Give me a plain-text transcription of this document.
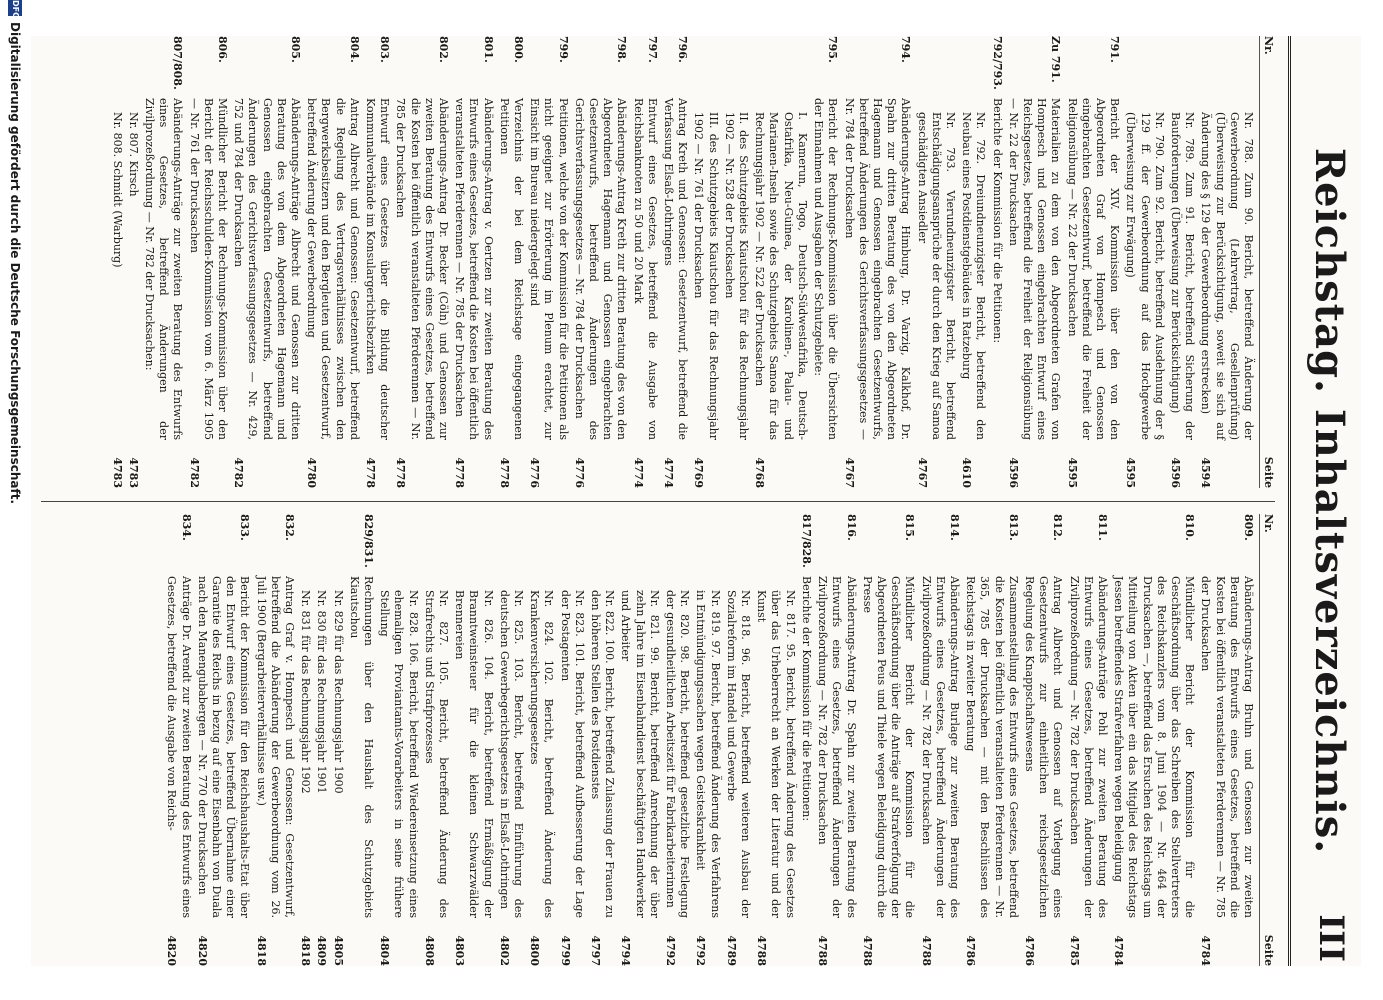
Reichstag. Inhaltsverzeichnis.
III
Nr.
Seite
Nr. 788. Zum 90. Bericht, betreffend Änderung der Gewerbeordnung (Lehrvertrag, Gesellenprüfung) (Überweisung zur Berücksichtigung, soweit sie sich auf Änderung des § 129 der Gewerbeordnung erstrecken)
4594
Nr. 789. Zum 91. Bericht, betreffend Sicherung der Bauforderungen (Überweisung zur Berücksichtigung)
4596
Nr. 790. Zum 92. Bericht, betreffend Ausdehnung der § 129 ff. der Gewerbeordnung auf das Hochgewerbe (Überweisung zur Erwägung)
4595
791.
Bericht der XIV. Kommission über den von den Abgeordneten Graf von Hompesch und Genossen eingebrachten Gesetzentwurf, betreffend die Freiheit der Religionsübung — Nr. 22 der Drucksachen
4595
Zu 791.
Materialien zu dem von den Abgeordneten Grafen von Hompesch und Genossen eingebrachten Entwurf eines Reichsgesetzes, betreffend die Freiheit der Religionsübung — Nr. 22 der Drucksachen
4596
792/793.
Berichte der Kommission für die Petitionen:
Nr. 792. Dreiundneunzigster Bericht, betreffend den Neubau eines Postdienstgebäudes in Ratzeburg
4610
Nr. 793. Vierundneunzigster Bericht, betreffend Entschädigungsansprüche der durch den Krieg auf Samoa geschädigten Ansiedler
4767
794.
Abänderungs-Antrag Himburg, Dr. Varzig, Kalkhof, Dr. Spahn zur dritten Beratung des von den Abgeordneten Hagemann und Genossen eingebrachten Gesetzentwurfs, betreffend Änderungen des Gerichtsverfassungsgesetzes — Nr. 784 der Drucksachen
4767
795.
Bericht der Rechnungs-Kommission über die Übersichten der Einnahmen und Ausgaben der Schutzgebiete:
I. Kamerun, Togo, Deutsch-Südwestafrika, Deutsch-Ostafrika, Neu-Guinea, der Karolinen-, Palau- und Marianen-Inseln sowie des Schutzgebiets Samoa für das Rechnungsjahr 1902 — Nr. 522 der Drucksachen
4768
II. des Schutzgebiets Kiautschou für das Rechnungsjahr 1902 — Nr. 528 der Drucksachen
III. des Schutzgebiets Kiautschou für das Rechnungsjahr 1902 — Nr. 761 der Drucksachen
4769
796.
Antrag Kreth und Genossen: Gesetzentwurf, betreffend die Verfassung Elsaß-Lothringens
4774
797.
Entwurf eines Gesetzes, betreffend die Ausgabe von Reichsbanknoten zu 50 und 20 Mark
4774
798.
Abänderungs-Antrag Kreth zur dritten Beratung des von den Abgeordneten Hagemann und Genossen eingebrachten Gesetzentwurfs, betreffend Änderungen des Gerichtsverfassungsgesetzes — Nr. 784 der Drucksachen
4776
799.
Petitionen, welche von der Kommission für die Petitionen als nicht geeignet zur Erörterung im Plenum erachtet, zur Einsicht im Bureau niedergelegt sind
4776
800.
Verzeichnis der bei dem Reichstage eingegangenen Petitionen
4778
801.
Abänderungs-Antrag v. Oertzen zur zweiten Beratung des Entwurfs eines Gesetzes, betreffend die Kosten bei öffentlich veranstalteten Pferderennen — Nr. 785 der Drucksachen
4778
802.
Abänderungs-Antrag Dr. Becker (Cöln) und Genossen zur zweiten Beratung des Entwurfs eines Gesetzes, betreffend die Kosten bei öffentlich veranstalteten Pferderennen — Nr. 785 der Drucksachen
4778
803.
Entwurf eines Gesetzes über die Bildung deutscher Kommunalverbände im Konsulargerichtsbezirken
4778
804.
Antrag Albrecht und Genossen: Gesetzentwurf, betreffend die Regelung des Vertragsverhältnisses zwischen den Bergwerksbesitzern und den Bergleuten und Gesetzentwurf, betreffend Änderung der Gewerbeordnung
4780
805.
Abänderungs-Anträge Albrecht und Genossen zur dritten Beratung des von dem Abgeordneten Hagemann und Genossen eingebrachten Gesetzentwurfs, betreffend Änderungen des Gerichtsverfassungsgesetzes — Nr. 429, 752 und 784 der Drucksachen
4782
806.
Mündlicher Bericht der Rechnungs-Kommission über den Bericht der Reichsschulden-Kommission vom 6. März 1905 — Nr. 761 der Drucksachen
4782
807/808.
Abänderungs-Anträge zur zweiten Beratung des Entwurfs eines Gesetzes, betreffend Änderungen der Zivilprozeßordnung — Nr. 782 der Drucksachen:
Nr. 807. Kirsch
4783
Nr. 808. Schmidt (Warburg)
4783
Nr.
Seite
809.
Abänderungs-Antrag Bruhn und Genossen zur zweiten Beratung des Entwurfs eines Gesetzes, betreffend die Kosten bei öffentlich veranstalteten Pferderennen — Nr. 785 der Drucksachen
4784
810.
Mündlicher Bericht der Kommission für die Geschäftsordnung über das Schreiben des Stellvertreters des Reichskanzlers vom 8. Juni 1904 — Nr. 464 der Drucksachen —, betreffend das Ersuchen des Reichstags um Mitteilung von Akten über ein das Mitglied des Reichstags Jessen betreffendes Strafverfahren wegen Beleidigung
4784
811.
Abänderungs-Anträge Pohl zur zweiten Beratung des Entwurfs eines Gesetzes, betreffend Änderungen der Zivilprozeßordnung — Nr. 782 der Drucksachen
4785
812.
Antrag Albrecht und Genossen auf Vorlegung eines Gesetzentwurfs zur einheitlichen reichsgesetzlichen Regelung des Knappschaftswesens
4786
813.
Zusammenstellung des Entwurfs eines Gesetzes, betreffend die Kosten bei öffentlich veranstalteten Pferderennen — Nr. 365, 785 der Drucksachen — mit den Beschlüssen des Reichstags in zweiter Beratung
4786
814.
Abänderungs-Antrag Burlage zur zweiten Beratung des Entwurfs eines Gesetzes, betreffend Änderungen der Zivilprozeßordnung — Nr. 782 der Drucksachen
4788
815.
Mündlicher Bericht der Kommission für die Geschäftsordnung über die Anträge auf Strafverfolgung der Abgeordneten Peus und Thiele wegen Beleidigung durch die Presse
4788
816.
Abänderungs-Antrag Dr. Spahn zur zweiten Beratung des Entwurfs eines Gesetzes, betreffend Änderungen der Zivilprozeßordnung — Nr. 782 der Drucksachen
4788
817/828.
Berichte der Kommission für die Petitionen:
Nr. 817. 95. Bericht, betreffend Änderung des Gesetzes über das Urheberrecht an Werken der Literatur und der Kunst
4788
Nr. 818. 96. Bericht, betreffend weiteren Ausbau der Sozialreform im Handel und Gewerbe
4789
Nr. 819. 97. Bericht, betreffend Änderung des Verfahrens in Entmündigungssachen wegen Geisteskrankheit
4792
Nr. 820. 98. Bericht, betreffend gesetzliche Festlegung der gesundheitlichen Arbeitszeit für Fabrikarbeiterinnen
4792
Nr. 821. 99. Bericht, betreffend Anrechnung der über zehn Jahre im Eisenbahndienst beschäftigten Handwerker und Arbeiter
4794
Nr. 822. 100. Bericht, betreffend Zulassung der Frauen zu den höheren Stellen des Postdienstes
4797
Nr. 823. 101. Bericht, betreffend Aufbesserung der Lage der Postagenten
4799
Nr. 824. 102. Bericht, betreffend Änderung des Krankenversicherungsgesetzes
4800
Nr. 825. 103. Bericht, betreffend Einführung des deutschen Gewerbegerichtsgesetzes in Elsaß-Lothringen
4802
Nr. 826. 104. Bericht, betreffend Ermäßigung der Branntweinsteuer für die kleinen Schwarzwälder Brennereien
4803
Nr. 827. 105. Bericht, betreffend Änderung des Strafrechts und Strafprozesses
4808
Nr. 828. 106. Bericht, betreffend Wiedereinsetzung eines ehemaligen Proviantamts-Vorarbeiters in seine frühere Stellung
4804
829/831.
Rechnungen über den Haushalt des Schutzgebiets Kiautschou
Nr. 829 für das Rechnungsjahr 1900
4805
Nr. 830 für das Rechnungsjahr 1901
4809
Nr. 831 für das Rechnungsjahr 1902
4818
832.
Antrag Graf v. Hompesch und Genossen: Gesetzentwurf, betreffend die Abänderung der Gewerbeordnung vom 26. Juli 1900 (Bergarbeiterverhältnisse usw.)
4818
833.
Bericht der Kommission für den Reichshaushalts-Etat über den Entwurf eines Gesetzes, betreffend Übernahme einer Garantie des Reichs in bezug auf eine Eisenbahn von Duala nach den Manengubabergen — Nr. 770 der Drucksachen
4820
834.
Anträge Dr. Arendt zur zweiten Beratung des Entwurfs eines Gesetzes, betreffend die Ausgabe von Reichs-
4820
DFG
Digitalisierung gefördert durch die Deutsche Forschungsgemeinschaft.
